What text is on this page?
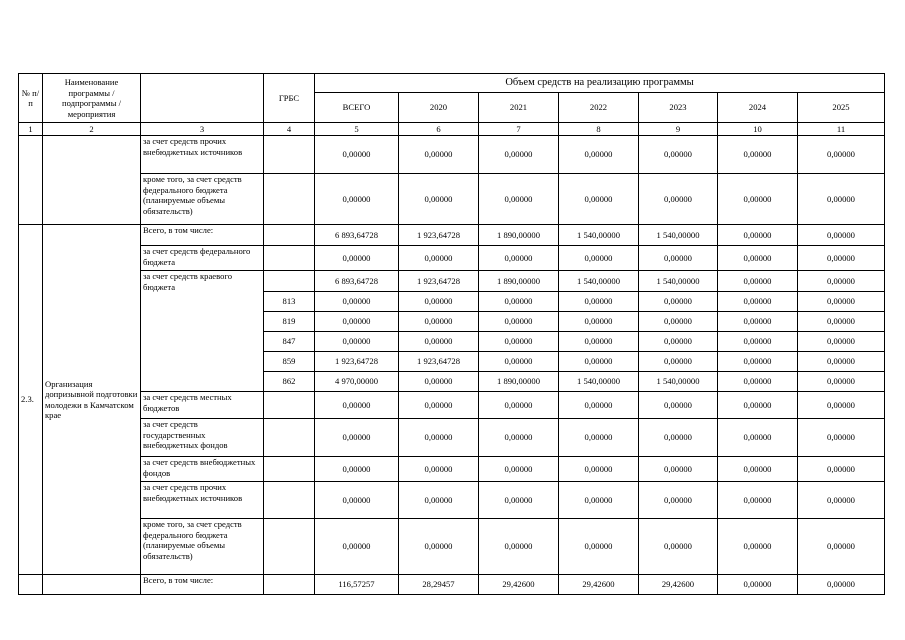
№ п/п	Наименование программы / подпрограммы / мероприятия		ГРБС	Объем средств на реализацию программы						
				ВСЕГО	2020	2021	2022	2023	2024	2025
1	2	3	4	5	6	7	8	9	10	11
		за счет средств прочих внебюджетных источников		0,00000	0,00000	0,00000	0,00000	0,00000	0,00000	0,00000
		кроме того, за счет средств федерального бюджета (планируемые объемы обязательств)		0,00000	0,00000	0,00000	0,00000	0,00000	0,00000	0,00000
2.3.	Организация допризывной подготовки молодежи в Камчатском крае	Всего, в том числе:		6 893,64728	1 923,64728	1 890,00000	1 540,00000	1 540,00000	0,00000	0,00000
		за счет средств федерального бюджета		0,00000	0,00000	0,00000	0,00000	0,00000	0,00000	0,00000
		за счет средств краевого бюджета		6 893,64728	1 923,64728	1 890,00000	1 540,00000	1 540,00000	0,00000	0,00000
			813	0,00000	0,00000	0,00000	0,00000	0,00000	0,00000	0,00000
			819	0,00000	0,00000	0,00000	0,00000	0,00000	0,00000	0,00000
			847	0,00000	0,00000	0,00000	0,00000	0,00000	0,00000	0,00000
			859	1 923,64728	1 923,64728	0,00000	0,00000	0,00000	0,00000	0,00000
			862	4 970,00000	0,00000	1 890,00000	1 540,00000	1 540,00000	0,00000	0,00000
		за счет средств местных бюджетов		0,00000	0,00000	0,00000	0,00000	0,00000	0,00000	0,00000
		за счет средств государственных внебюджетных фондов		0,00000	0,00000	0,00000	0,00000	0,00000	0,00000	0,00000
		за счет средств внебюджетных фондов		0,00000	0,00000	0,00000	0,00000	0,00000	0,00000	0,00000
		за счет средств прочих внебюджетных источников		0,00000	0,00000	0,00000	0,00000	0,00000	0,00000	0,00000
		кроме того, за счет средств федерального бюджета (планируемые объемы обязательств)		0,00000	0,00000	0,00000	0,00000	0,00000	0,00000	0,00000
		Всего, в том числе:		116,57257	28,29457	29,42600	29,42600	29,42600	0,00000	0,00000
